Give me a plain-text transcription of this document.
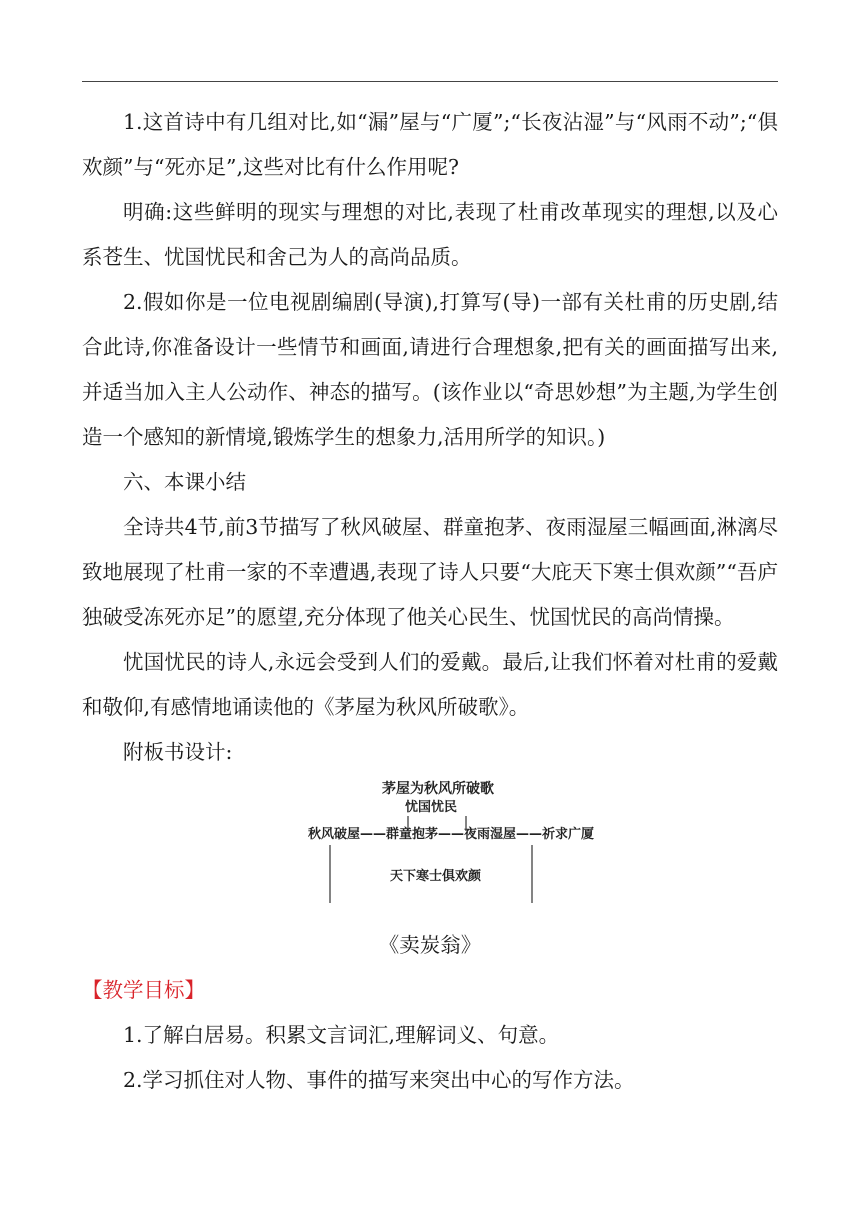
1.这首诗中有几组对比,如“漏”屋与“广厦”;“长夜沾湿”与“风雨不动”;“俱欢颜”与“死亦足”,这些对比有什么作用呢?

明确:这些鲜明的现实与理想的对比,表现了杜甫改革现实的理想,以及心系苍生、忧国忧民和舍己为人的高尚品质。

2.假如你是一位电视剧编剧(导演),打算写(导)一部有关杜甫的历史剧,结合此诗,你准备设计一些情节和画面,请进行合理想象,把有关的画面描写出来,并适当加入主人公动作、神态的描写。(该作业以“奇思妙想”为主题,为学生创造一个感知的新情境,锻炼学生的想象力,活用所学的知识。)

六、本课小结

全诗共4节,前3节描写了秋风破屋、群童抱茅、夜雨湿屋三幅画面,淋漓尽致地展现了杜甫一家的不幸遭遇,表现了诗人只要“大庇天下寒士俱欢颜”“吾庐独破受冻死亦足”的愿望,充分体现了他关心民生、忧国忧民的高尚情操。

忧国忧民的诗人,永远会受到人们的爱戴。最后,让我们怀着对杜甫的爱戴和敬仰,有感情地诵读他的《茅屋为秋风所破歌》。

附板书设计:

茅屋为秋风所破歌
忧国忧民
秋风破屋——群童抱茅——夜雨湿屋——祈求广厦
天下寒士俱欢颜

《卖炭翁》

【教学目标】

1.了解白居易。积累文言词汇,理解词义、句意。

2.学习抓住对人物、事件的描写来突出中心的写作方法。
